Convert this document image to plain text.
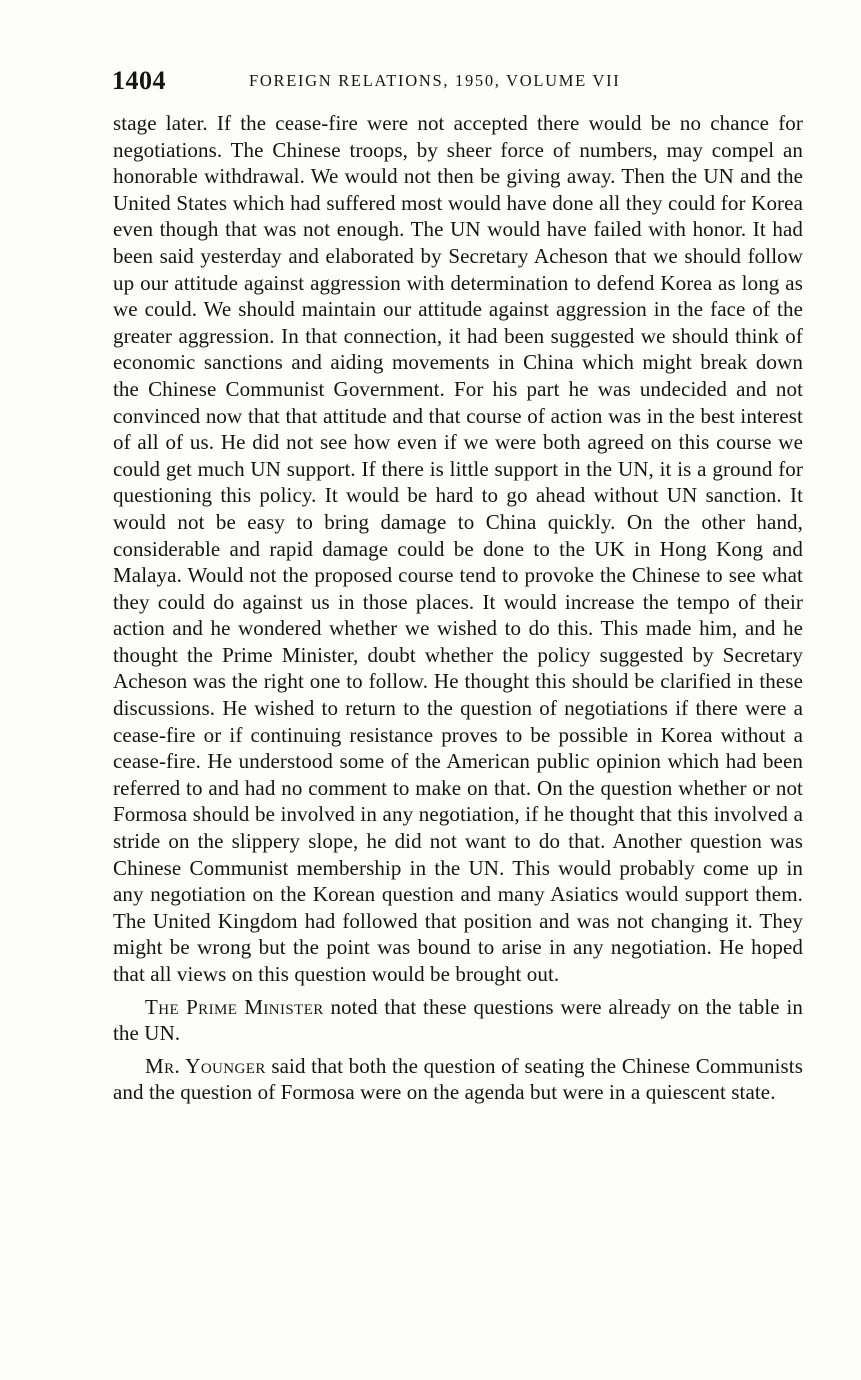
1404	FOREIGN RELATIONS, 1950, VOLUME VII

stage later. If the cease-fire were not accepted there would be no chance for negotiations. The Chinese troops, by sheer force of numbers, may compel an honorable withdrawal. We would not then be giving away. Then the UN and the United States which had suffered most would have done all they could for Korea even though that was not enough. The UN would have failed with honor. It had been said yesterday and elaborated by Secretary Acheson that we should follow up our attitude against aggression with determination to defend Korea as long as we could. We should maintain our attitude against aggression in the face of the greater aggression. In that connection, it had been suggested we should think of economic sanctions and aiding movements in China which might break down the Chinese Communist Government. For his part he was undecided and not convinced now that that attitude and that course of action was in the best interest of all of us. He did not see how even if we were both agreed on this course we could get much UN support. If there is little support in the UN, it is a ground for questioning this policy. It would be hard to go ahead without UN sanction. It would not be easy to bring damage to China quickly. On the other hand, considerable and rapid damage could be done to the UK in Hong Kong and Malaya. Would not the proposed course tend to provoke the Chinese to see what they could do against us in those places. It would increase the tempo of their action and he wondered whether we wished to do this. This made him, and he thought the Prime Minister, doubt whether the policy suggested by Secretary Acheson was the right one to follow. He thought this should be clarified in these discussions. He wished to return to the question of negotiations if there were a cease-fire or if continuing resistance proves to be possible in Korea without a cease-fire. He understood some of the American public opinion which had been referred to and had no comment to make on that. On the question whether or not Formosa should be involved in any negotiation, if he thought that this involved a stride on the slippery slope, he did not want to do that. Another question was Chinese Communist membership in the UN. This would probably come up in any negotiation on the Korean question and many Asiatics would support them. The United Kingdom had followed that position and was not changing it. They might be wrong but the point was bound to arise in any negotiation. He hoped that all views on this question would be brought out.

The Prime Minister noted that these questions were already on the table in the UN.

Mr. Younger said that both the question of seating the Chinese Communists and the question of Formosa were on the agenda but were in a quiescent state.
